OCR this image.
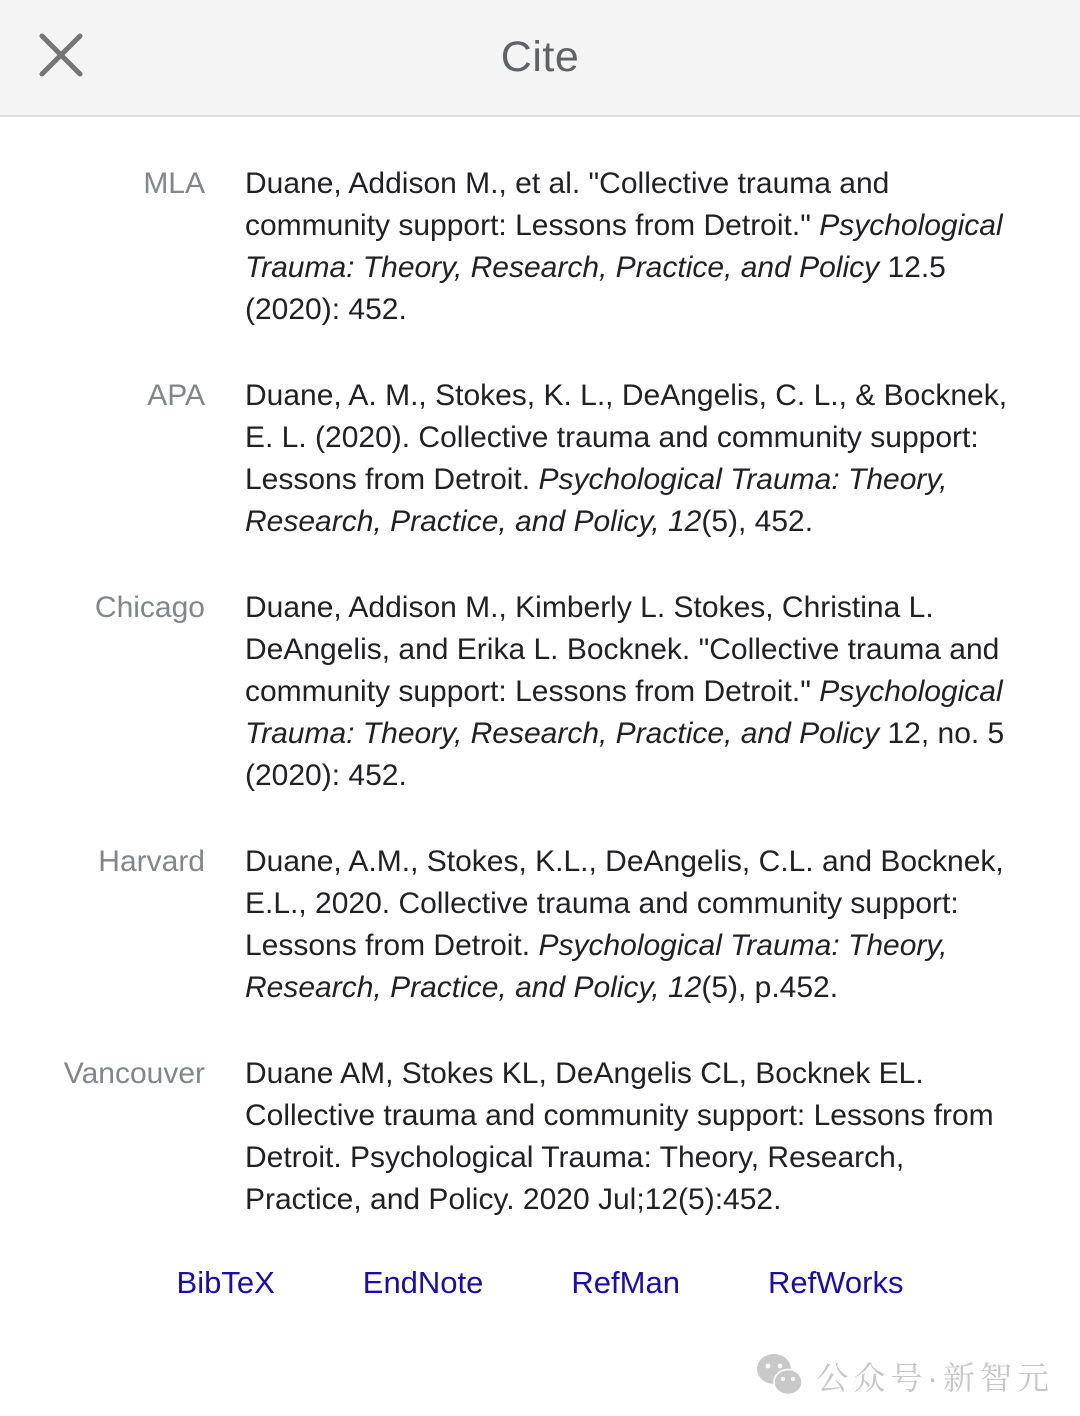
Cite
MLA Duane, Addison M., et al. "Collective trauma and community support: Lessons from Detroit." Psychological Trauma: Theory, Research, Practice, and Policy 12.5 (2020): 452.
APA Duane, A. M., Stokes, K. L., DeAngelis, C. L., & Bocknek, E. L. (2020). Collective trauma and community support: Lessons from Detroit. Psychological Trauma: Theory, Research, Practice, and Policy, 12(5), 452.
Chicago Duane, Addison M., Kimberly L. Stokes, Christina L. DeAngelis, and Erika L. Bocknek. "Collective trauma and community support: Lessons from Detroit." Psychological Trauma: Theory, Research, Practice, and Policy 12, no. 5 (2020): 452.
Harvard Duane, A.M., Stokes, K.L., DeAngelis, C.L. and Bocknek, E.L., 2020. Collective trauma and community support: Lessons from Detroit. Psychological Trauma: Theory, Research, Practice, and Policy, 12(5), p.452.
Vancouver Duane AM, Stokes KL, DeAngelis CL, Bocknek EL. Collective trauma and community support: Lessons from Detroit. Psychological Trauma: Theory, Research, Practice, and Policy. 2020 Jul;12(5):452.
BibTeX	EndNote	RefMan	RefWorks
公众号·新智元
